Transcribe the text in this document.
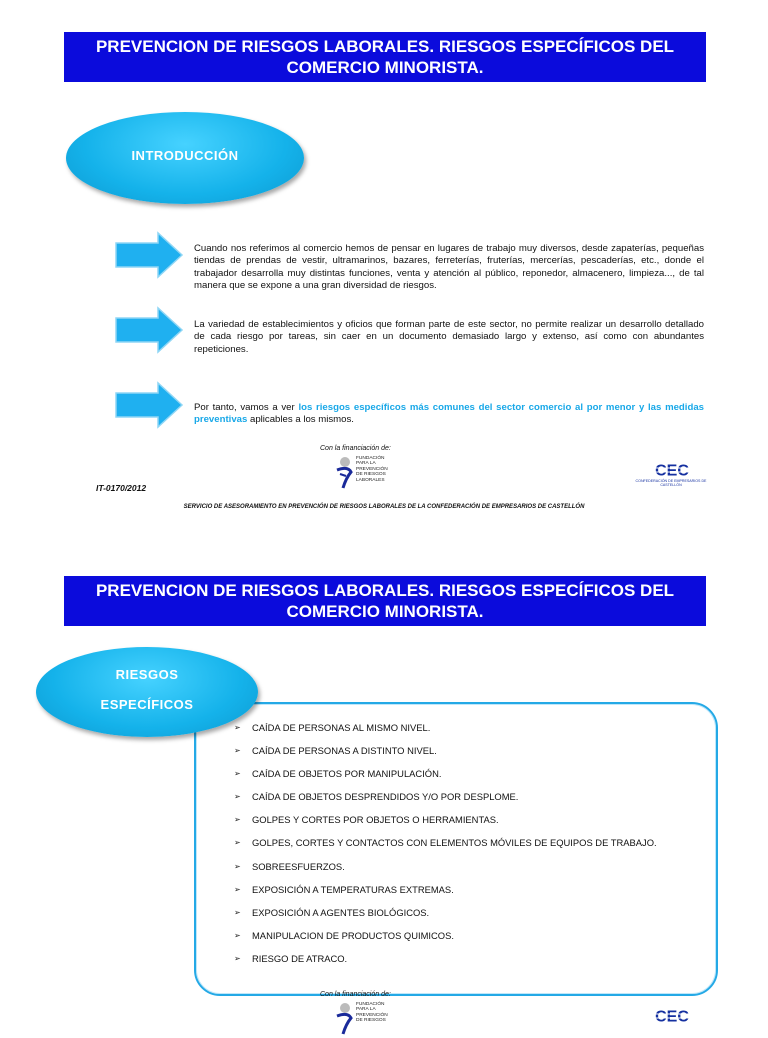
PREVENCION DE RIESGOS LABORALES. RIESGOS ESPECÍFICOS DEL
COMERCIO MINORISTA.
INTRODUCCIÓN
Cuando nos referimos al comercio hemos de pensar en lugares de trabajo muy diversos, desde zapaterías, pequeñas tiendas de prendas de vestir, ultramarinos, bazares, ferreterías, fruterías, mercerías, pescaderías, etc., donde el trabajador desarrolla muy distintas funciones, venta y atención al público, reponedor, almacenero, limpieza..., de tal manera que se expone a una gran diversidad de riesgos.
La variedad de establecimientos y oficios que forman parte de este sector, no permite realizar un desarrollo detallado de cada riesgo por tareas, sin caer en un documento demasiado largo y extenso, así como con abundantes repeticiones.
Por tanto, vamos a ver los riesgos específicos más comunes del sector comercio al por menor y las medidas preventivas aplicables a los mismos.
Con la financiación de:
FUNDACIÓN
PARA LA
PREVENCIÓN
DE RIESGOS
LABORALES
CEC
CONFEDERACIÓN DE EMPRESARIOS DE CASTELLÓN
IT-0170/2012
SERVICIO DE ASESORAMIENTO EN PREVENCIÓN DE RIESGOS LABORALES DE LA CONFEDERACIÓN DE EMPRESARIOS DE CASTELLÓN
PREVENCION DE RIESGOS LABORALES. RIESGOS ESPECÍFICOS DEL
COMERCIO MINORISTA.
➢ CAÍDA DE PERSONAS AL MISMO NIVEL.
➢ CAÍDA DE PERSONAS A DISTINTO NIVEL.
➢ CAÍDA DE OBJETOS POR MANIPULACIÓN.
➢ CAÍDA DE OBJETOS DESPRENDIDOS Y/O POR DESPLOME.
➢ GOLPES Y CORTES POR OBJETOS O HERRAMIENTAS.
➢ GOLPES, CORTES Y CONTACTOS CON ELEMENTOS MÓVILES DE EQUIPOS DE TRABAJO.
➢ SOBREESFUERZOS.
➢ EXPOSICIÓN A TEMPERATURAS EXTREMAS.
➢ EXPOSICIÓN A AGENTES BIOLÓGICOS.
➢ MANIPULACION DE PRODUCTOS QUIMICOS.
➢ RIESGO DE ATRACO.
RIESGOS
ESPECÍFICOS
Con la financiación de:
FUNDACIÓN
PARA LA
PREVENCIÓN
DE RIESGOS	CEC
